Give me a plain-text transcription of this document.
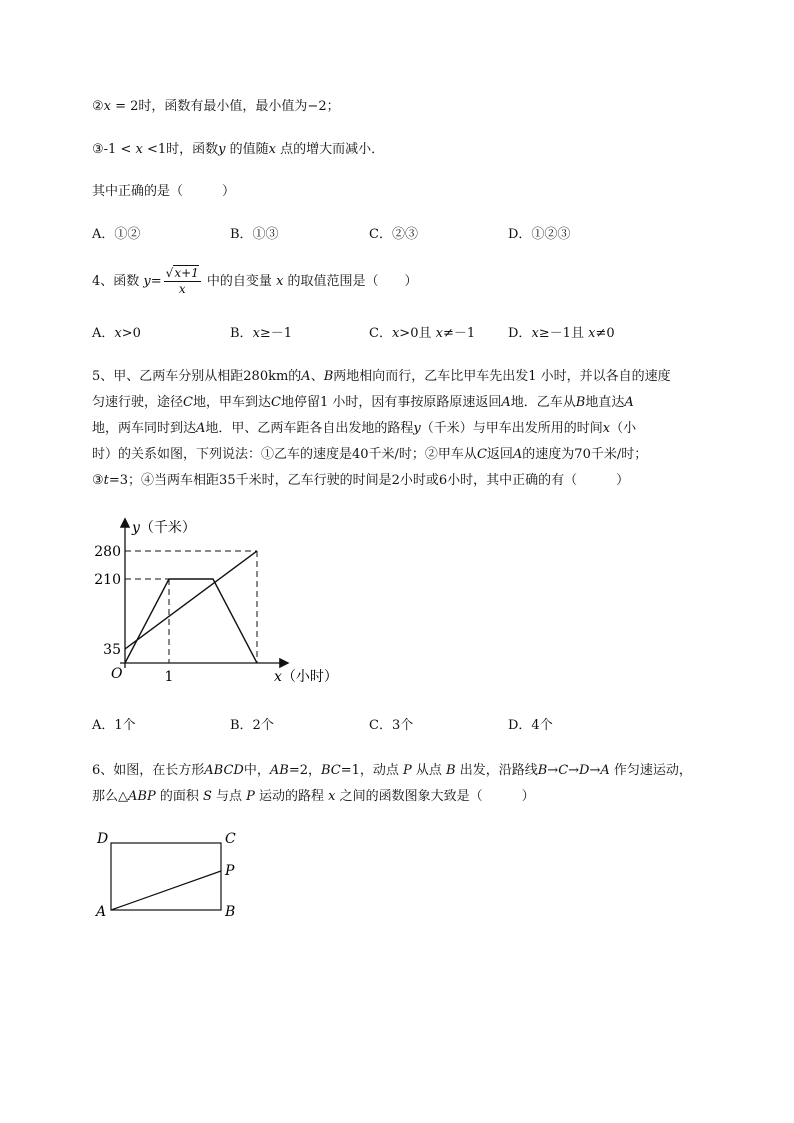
②x = 2时，函数有最小值，最小值为−2；
③-1 < x <1时，函数y 的值随x 点的增大而减小．
其中正确的是（　　　）
A．①②	B．①③	C．②③	D．①②③
4、函数 $y= \frac{√x+1}{x}$ 中的自变量 x 的取值范围是（　　）
A．x>0	B．x≥－1	C．x>0且 x≠－1	D．x≥－1且 x≠0
5、甲、乙两车分别从相距280km的A、B两地相向而行，乙车比甲车先出发1 小时，并以各自的速度
匀速行驶，途径C地，甲车到达C地停留1 小时，因有事按原路原速返回A地．乙车从B地直达A
地，两车同时到达A地．甲、乙两车距各自出发地的路程y（千米）与甲车出发所用的时间x（小
时）的关系如图，下列说法：①乙车的速度是40千米/时；②甲车从C返回A的速度为70千米/时；
③t=3；④当两车相距35千米时，乙车行驶的时间是2小时或6小时，其中正确的有（　　　）
280
210
35
1
y（千米）
x（小时）
O
A．1个	B．2个	C．3个	D．4个
6、如图，在长方形ABCD中，AB=2，BC=1，动点 P 从点 B 出发，沿路线B→C→D→A 作匀速运动，
那么△ABP 的面积 S 与点 P 运动的路程 x 之间的函数图象大致是（　　　）
D	C
P
A	B
